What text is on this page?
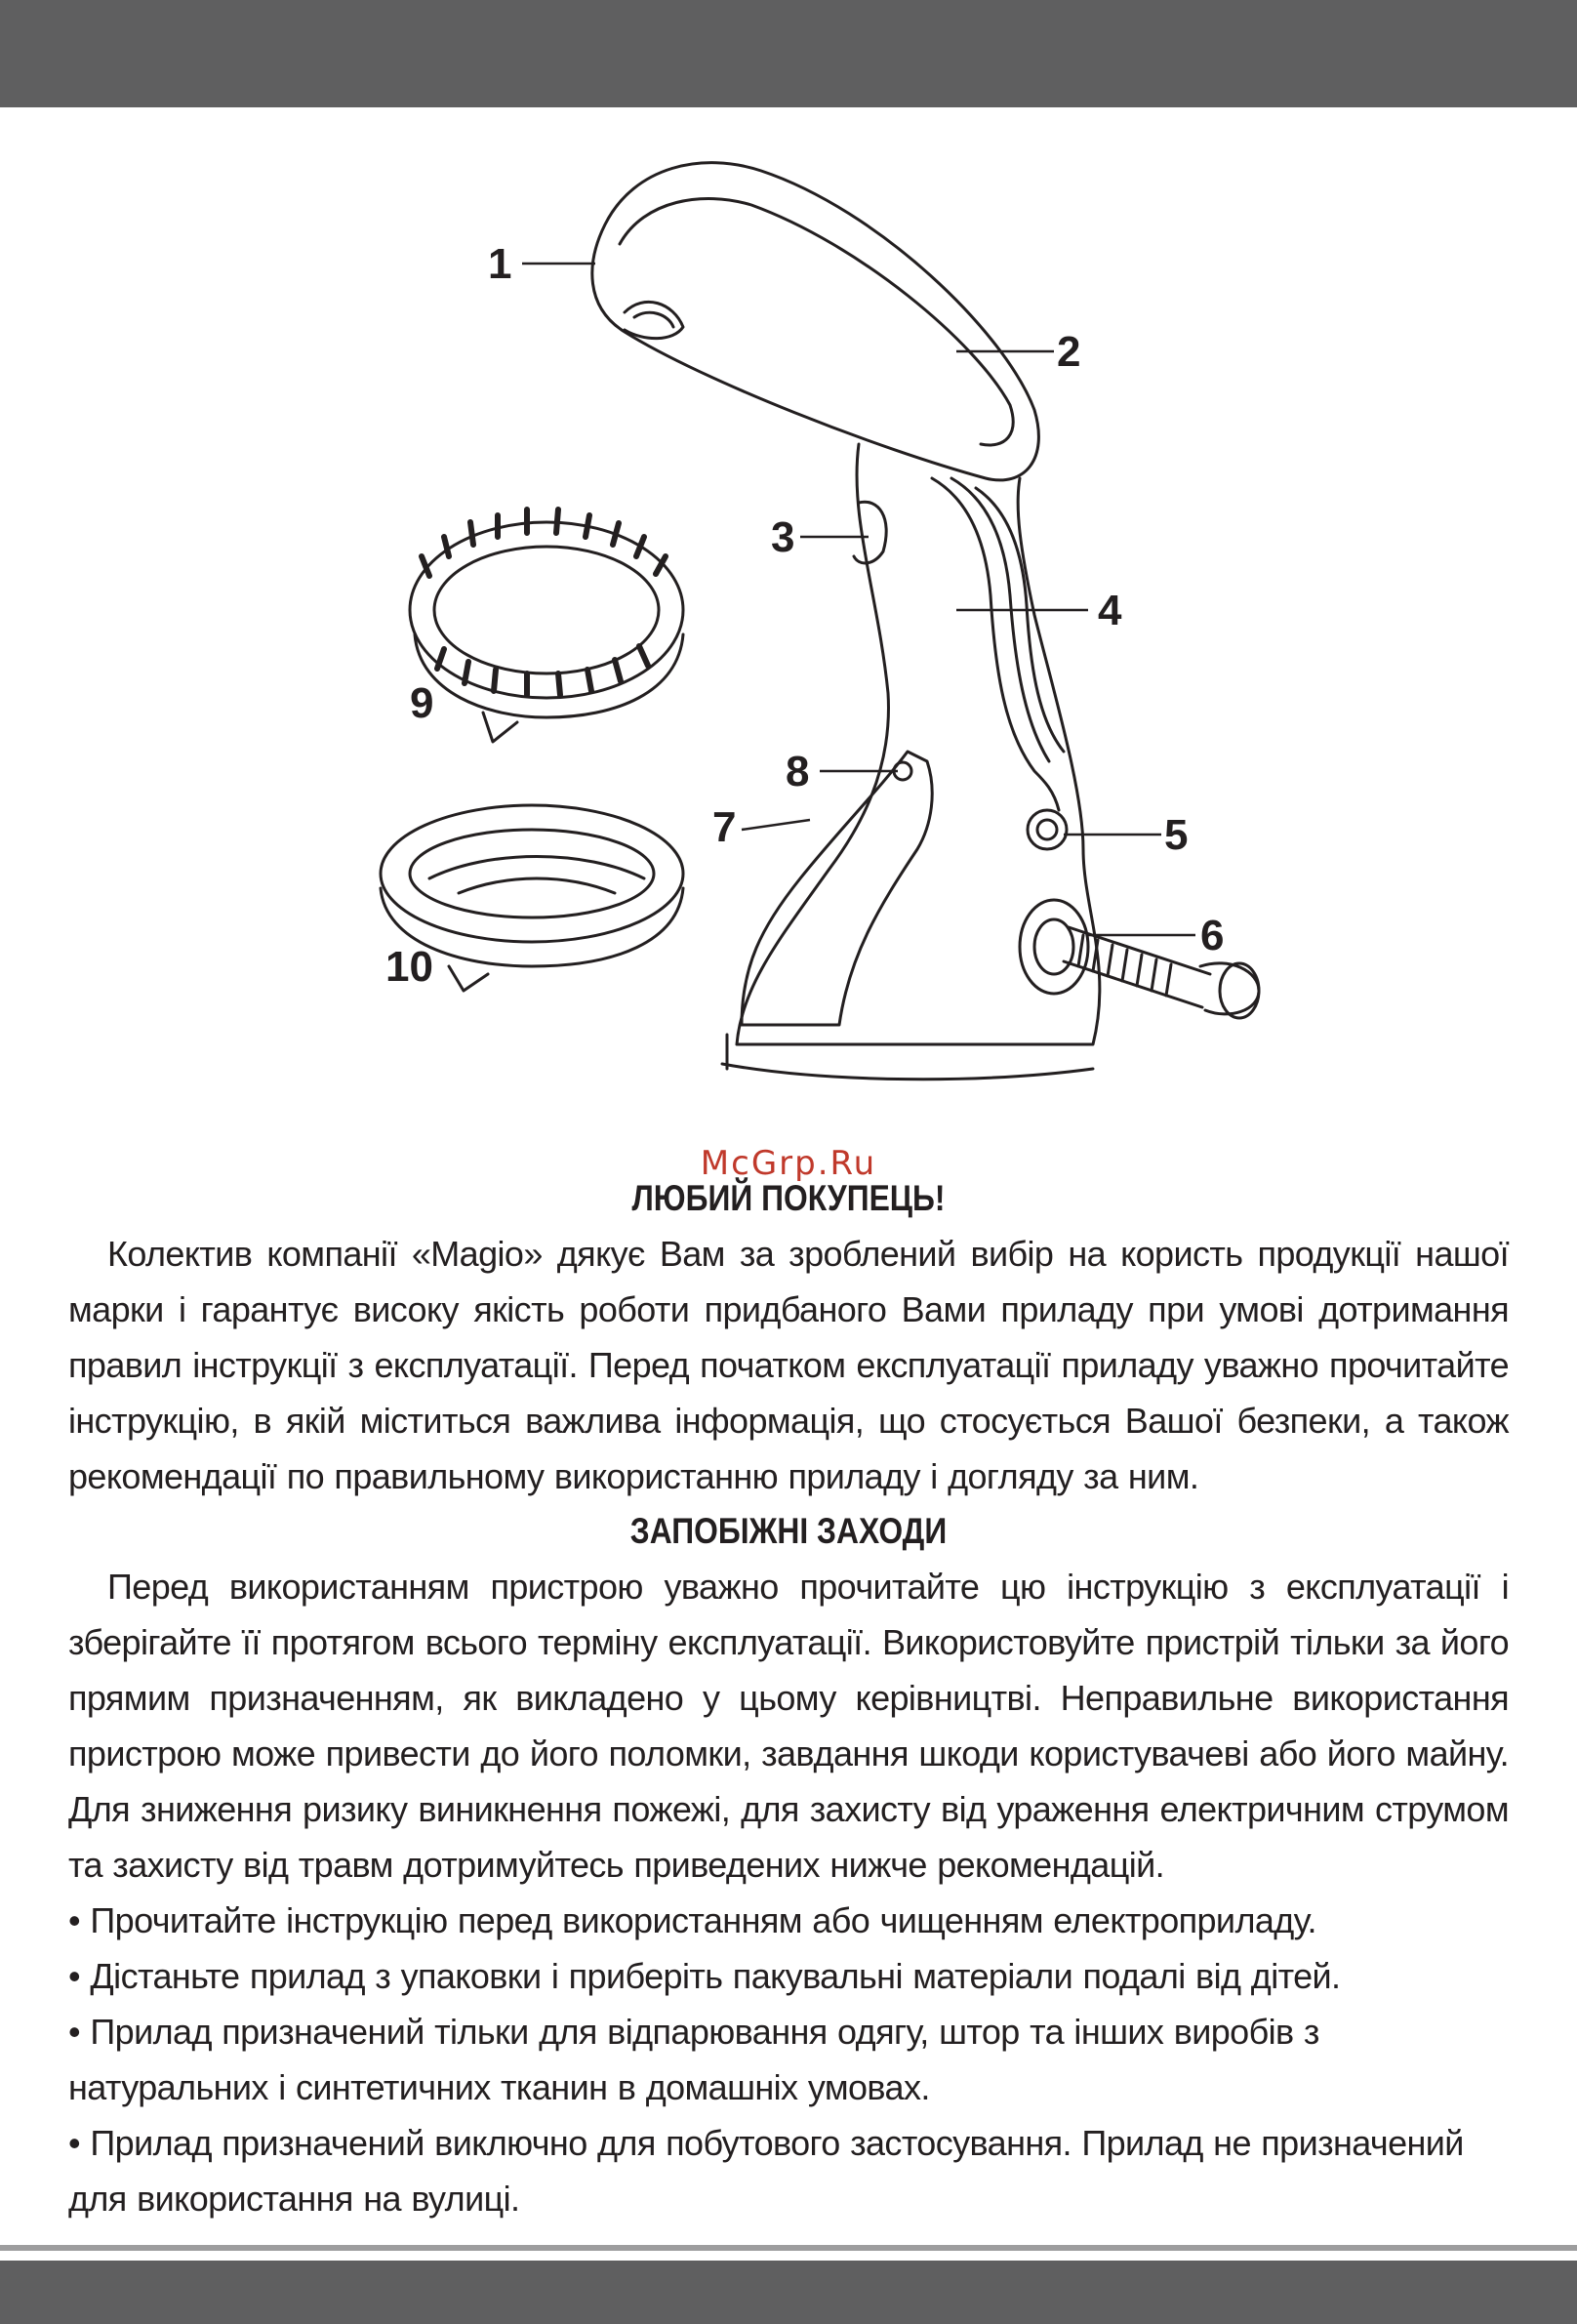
1
2
3
4
5
6
7
8
9
10
McGrp.Ru
ЛЮБИЙ ПОКУПЕЦЬ!

Колектив компанії «Magio» дякує Вам за зроблений вибір на користь продукції нашої марки і гарантує високу якість роботи придбаного Вами приладу при умові дотримання правил інструкції з експлуатації. Перед початком експлуатації приладу уважно прочитайте інструкцію, в якій міститься важлива інформація, що стосується Вашої безпеки, а також рекомендації по правильному використанню приладу і догляду за ним.

ЗАПОБІЖНІ ЗАХОДИ

Перед використанням пристрою уважно прочитайте цю інструкцію з експлуатації і зберігайте її протягом всього терміну експлуатації. Використовуйте пристрій тільки за його прямим призначенням, як викладено у цьому керівництві. Неправильне використання пристрою може привести до його поломки, завдання шкоди користувачеві або його майну. Для зниження ризику виникнення пожежі, для захисту від ураження електричним струмом та захисту від травм дотримуйтесь приведених нижче рекомендацій.

• Прочитайте інструкцію перед використанням або чищенням електроприладу.

• Дістаньте прилад з упаковки і приберіть пакувальні матеріали подалі від дітей.

• Прилад призначений тільки для відпарювання одягу, штор та інших виробів з натуральних і синтетичних тканин в домашніх умовах.

• Прилад призначений виключно для побутового застосування. Прилад не призначений для використання на вулиці.
